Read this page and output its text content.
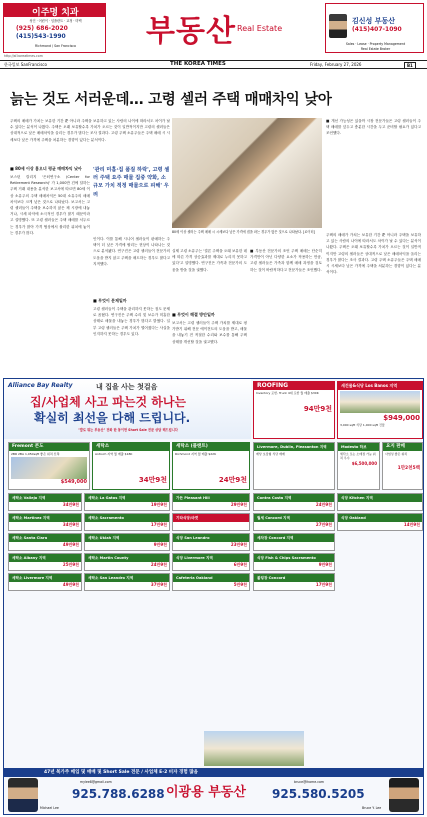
이주명 치과
성인 · 어린이 · 임플란트 · 교정 · 미백
(925) 686-2020
(415)543-1990
Richmond / San Francisco	부동산 Real Estate
김신성 부동산
(415)407-1090
Sales · Lease · Property Management
Real Estate Broker
http://sf.koreatimes.com
한국일보 SanFrancisco	THE KOREA TIMES	Friday, February 27, 2026	B1
늙는 것도 서러운데… 고령 셀러 주택 매매차익 낮아
주택의 매매가 가치는 보유한 기간 뿐 아니라 주택을 보유하고 있는 사람의 나이에 따라서도 차이가 날 수 있다는 분석이 나왔다. 주택은 오래 보유할수록 가치가 오르는 것이 일반적이지만 고령의 셀러들은 상대적으로 낮은 매매차익을 올리는 경우가 많다는 조사 결과다. 고령 주택 소유주들은 주택 매매 시 시세보다 낮은 가격에 주택을 처분하는 경향이 있다는 분석이다.
■ 개선 가능성은 있을까 시장 전문가들은 고령 셀러들이 주택 매매를 앞두고 충분한 시간을 두고 준비할 필요가 있다고 조언했다.
■ 80세 이상 홈오너 평균 매매차익 낮아
보스턴 칼리지 '은퇴연구소 (Center for Retirement Research)' 가 1,000만 건에 달하는 주택 거래 내용을 분석한 보고서에 따르면 80세 이상 소유주의 주택 매매차익은 50대 소유주의 매매차익보다 크게 낮은 것으로 나타났다. 보고서는 고령 셀러들이 주택을 보수하지 않은 채 시장에 내놓거나, 시세 파악에 소극적인 경우가 많기 때문이라고 설명했다. 또 고령 셀러들은 주택 매매를 서두르는 경우가 많아 가격 협상에서 불리한 위치에 놓이는 경우가 많다.
'관리 미흡·집 품질 하락', 고령 셀러 주택 요주 매물 집중 약화, 소규모 가치 적정 매물으로 피해' 우려
인이다. 이를 통해 시니어 셀러들이 판매하는 주택이 더 낮은 가격에 팔리는 현상이 나타나는 것으로 분석됐다. 연구진은 고령 셀러들이 전문가의 도움을 받지 않고 주택을 매도하는 경우도 많다고 지적했다.
■ 무엇이 문제일까
고령 셀러들이 주택을 관리하지 못하는 점도 문제로 꼽혔다. 연구진은 주택 수리 및 보수가 미흡한 상태로 매물을 내놓는 경우가 많다고 밝혔다. 일부 고령 셀러들은 주택 가치가 떨어졌다는 사실을 인지하지 못하는 경우도 있다.
80세 이상 셀러는 주택 매매 시 시세보다 낮은 가격에 집을 파는 경우가 많은 것으로 나타났다. [로이터]
실제 고령 소유주는 '결론 주택을 오래 보유한 데에 따른 가격 상승효과를 제대로 누리지 못하고 있다'고 설명했다. 연구진은 가족과 전문가의 도움을 받을 것을 권했다.
■ 무엇이 해결 방안일까
보고서는 고령 셀러들이 주택 가치를 제대로 평가받기 위해 전문 에이전트의 도움을 받고, 매물을 내놓기 전 적절한 수리와 보수를 통해 주택 상태를 개선할 것을 권고했다.
■ 부동산 전문가의 조언 주택 매매는 단순히 가격만이 아닌 다양한 요소가 작용하는 만큼, 고령 셀러들은 가족과 함께 매매 과정을 검토하는 것이 바람직하다고 전문가들은 조언했다.
주택의 매매가 가치는 보유한 기간 뿐 아니라 주택을 보유하고 있는 사람의 나이에 따라서도 차이가 날 수 있다는 분석이 나왔다. 주택은 오래 보유할수록 가치가 오르는 것이 일반적이지만 고령의 셀러들은 상대적으로 낮은 매매차익을 올리는 경우가 많다는 조사 결과다. 고령 주택 소유주들은 주택 매매 시 시세보다 낮은 가격에 주택을 처분하는 경향이 있다는 분석이다.
Alliance Bay Realty	내 집을 사는 첫걸음
집/사업체 사고 파는것 하나는
확실히 최선을 다해 드립니다.
"발로 뛰는 부동산" 전화 한 통이면 Short Sale 전문 상담 해드립니다
Fremont 콘도
2BR 2BA 1,050sqft 좋은 위치 신축
$549,000
세탁소
Antioch 지역 월 매출 $18K
34만9천
세탁소 (플랜트)
Richmond 지역 월 매출 $22K
24만9천
ROOFING
Inventory 포함, Truck 4대 포함 월 매출 $30K
94만9천
새건물&식당 Los Banos 지역
$949,000
3,000 sqft 식당 1,000 sqft 건물
Livermore, Dublin, Pleasanton 지역
매상 보장형 식당 매매
Modesto 하브
세탁소 또는 소매점 가능 위치 우수
$6,500,000
요지 판매
사업성 좋은 위치
1만2천5백
세탁소 Vallejo 지역
34만9천
세탁소 Martinez 지역
34만9천
세탁소 Santa Clara
49만9천
세탁소 Albany 지역
25만9천
세탁소 Livermore 지역
49만9천
세탁소 La Gatos 지역
19만9천
세탁소 Sacramento
17만9천
세탁소 Ukiah 지역
9만9천
세탁소 Martin County
24만9천
세탁소 San Leandro 지역
37만9천
가든 Pleasant Hill
29만9천
기타식당/마켓
식당 San Leandro
23만9천
식당 Livermore 지역
6만9천
Cafeteria Oakland
5만9천
Contra Costa 지역
24만9천
월세 Concord 지역
27만9천
세차장 Concord 지역
식당 Fish & Chips Sacramento
9만9천
볼링장 Concord
17만9천
식당 Kitchen 지역
식당 Oakland
14만9천
47년 복가주 매입 및 매매 및 Short Sale 전문 / 사업체 E-2 비자 경험 많음
Michael Lee
mylee8@gmail.com
925.788.6288 이광용 부동산
bruce@lhome.com
925.580.5205
Bruce Y. Lee
